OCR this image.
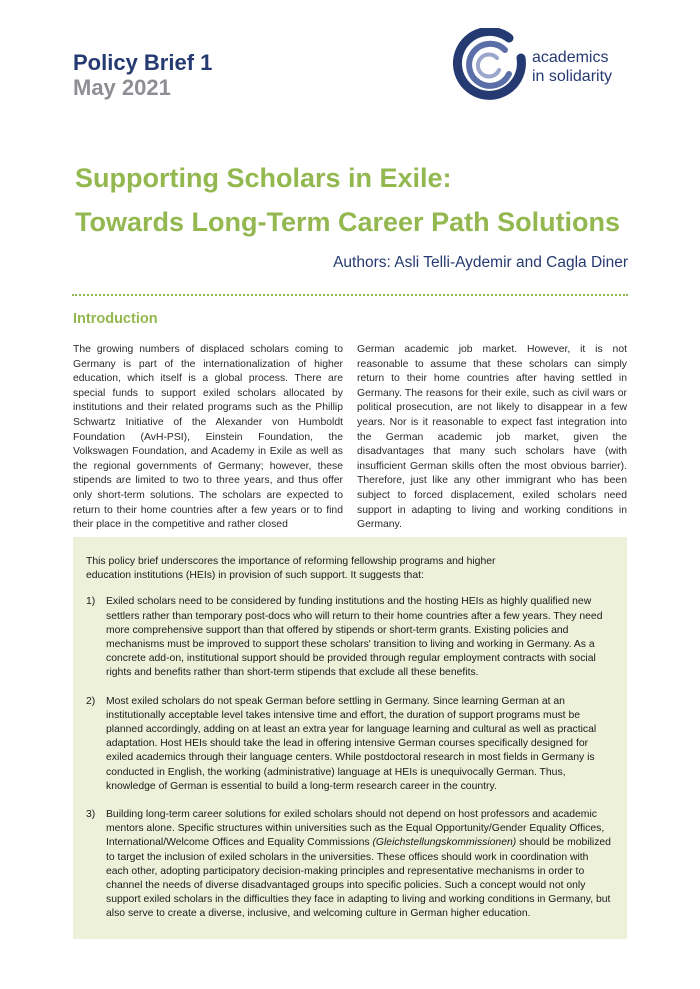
Policy Brief 1
May 2021
academics
in solidarity
Supporting Scholars in Exile:
Towards Long-Term Career Path Solutions
Authors: Asli Telli-Aydemir and Cagla Diner
Introduction
The growing numbers of displaced scholars coming to Germany is part of the internationalization of higher education, which itself is a global process. There are special funds to support exiled scholars allocated by institutions and their related programs such as the Phillip Schwartz Initiative of the Alexander von Humboldt Foundation (AvH-PSI), Einstein Foundation, the Volkswagen Foundation, and Academy in Exile as well as the regional governments of Germany; however, these stipends are limited to two to three years, and thus offer only short-term solutions. The scholars are expected to return to their home countries after a few years or to find their place in the competitive and rather closed
German academic job market. However, it is not reasonable to assume that these scholars can simply return to their home countries after having settled in Germany. The reasons for their exile, such as civil wars or political prosecution, are not likely to disappear in a few years. Nor is it reasonable to expect fast integration into the German academic job market, given the disadvantages that many such scholars have (with insufficient German skills often the most obvious barrier). Therefore, just like any other immigrant who has been subject to forced displacement, exiled scholars need support in adapting to living and working conditions in Germany.

This policy brief underscores the importance of reforming fellowship programs and higher education institutions (HEIs) in provision of such support. It suggests that:

1) Exiled scholars need to be considered by funding institutions and the hosting HEIs as highly qualified new settlers rather than temporary post-docs who will return to their home countries after a few years. They need more comprehensive support than that offered by stipends or short-term grants. Existing policies and mechanisms must be improved to support these scholars' transition to living and working in Germany. As a concrete add-on, institutional support should be provided through regular employment contracts with social rights and benefits rather than short-term stipends that exclude all these benefits.
2) Most exiled scholars do not speak German before settling in Germany. Since learning German at an institutionally acceptable level takes intensive time and effort, the duration of support programs must be planned accordingly, adding on at least an extra year for language learning and cultural as well as practical adaptation. Host HEIs should take the lead in offering intensive German courses specifically designed for exiled academics through their language centers. While postdoctoral research in most fields in Germany is conducted in English, the working (administrative) language at HEIs is unequivocally German. Thus, knowledge of German is essential to build a long-term research career in the country.
3) Building long-term career solutions for exiled scholars should not depend on host professors and academic mentors alone. Specific structures within universities such as the Equal Opportunity/Gender Equality Offices, International/Welcome Offices and Equality Commissions (Gleichstellungskommissionen) should be mobilized to target the inclusion of exiled scholars in the universities. These offices should work in coordination with each other, adopting participatory decision-making principles and representative mechanisms in order to channel the needs of diverse disadvantaged groups into specific policies. Such a concept would not only support exiled scholars in the difficulties they face in adapting to living and working conditions in Germany, but also serve to create a diverse, inclusive, and welcoming culture in German higher education.
